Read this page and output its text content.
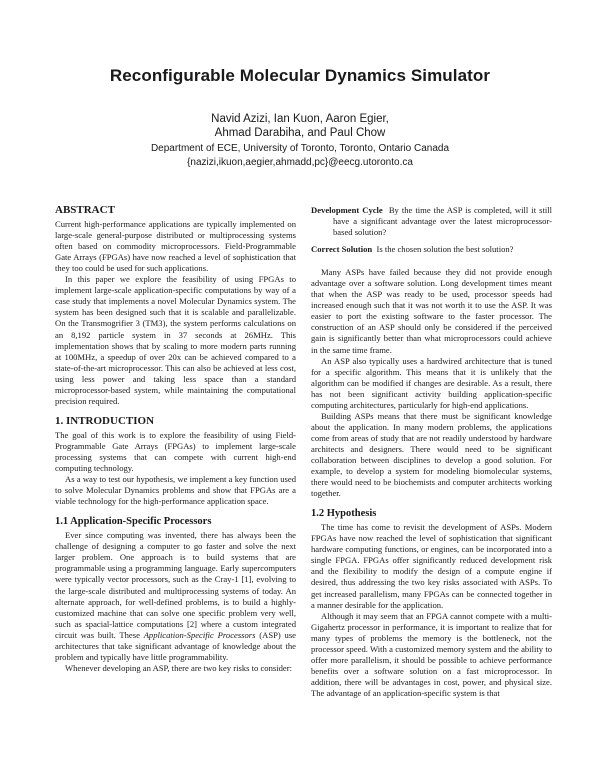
Reconfigurable Molecular Dynamics Simulator
Navid Azizi, Ian Kuon, Aaron Egier,
Ahmad Darabiha, and Paul Chow
Department of ECE, University of Toronto, Toronto, Ontario Canada
{nazizi,ikuon,aegier,ahmadd,pc}@eecg.utoronto.ca
ABSTRACT

Current high-performance applications are typically implemented on large-scale general-purpose distributed or multiprocessing systems often based on commodity microprocessors. Field-Programmable Gate Arrays (FPGAs) have now reached a level of sophistication that they too could be used for such applications.

In this paper we explore the feasibility of using FPGAs to implement large-scale application-specific computations by way of a case study that implements a novel Molecular Dynamics system. The system has been designed such that it is scalable and parallelizable. On the Transmogrifier 3 (TM3), the system performs calculations on an 8,192 particle system in 37 seconds at 26MHz. This implementation shows that by scaling to more modern parts running at 100MHz, a speedup of over 20x can be achieved compared to a state-of-the-art microprocessor. This can also be achieved at less cost, using less power and taking less space than a standard microprocessor-based system, while maintaining the computational precision required.

1. INTRODUCTION

The goal of this work is to explore the feasibility of using Field-Programmable Gate Arrays (FPGAs) to implement large-scale processing systems that can compete with current high-end computing technology.

As a way to test our hypothesis, we implement a key function used to solve Molecular Dynamics problems and show that FPGAs are a viable technology for the high-performance application space.

1.1 Application-Specific Processors

Ever since computing was invented, there has always been the challenge of designing a computer to go faster and solve the next larger problem. One approach is to build systems that are programmable using a programming language. Early supercomputers were typically vector processors, such as the Cray-1 [1], evolving to the large-scale distributed and multiprocessing systems of today. An alternate approach, for well-defined problems, is to build a highly-customized machine that can solve one specific problem very well, such as spacial-lattice computations [2] where a custom integrated circuit was built. These Application-Specific Processors (ASP) use architectures that take significant advantage of knowledge about the problem and typically have little programmability.

Whenever developing an ASP, there are two key risks to consider:

Development Cycle By the time the ASP is completed, will it still have a significant advantage over the latest microprocessor-based solution?

Correct Solution Is the chosen solution the best solution?

Many ASPs have failed because they did not provide enough advantage over a software solution. Long development times meant that when the ASP was ready to be used, processor speeds had increased enough such that it was not worth it to use the ASP. It was easier to port the existing software to the faster processor. The construction of an ASP should only be considered if the perceived gain is significantly better than what microprocessors could achieve in the same time frame.

An ASP also typically uses a hardwired architecture that is tuned for a specific algorithm. This means that it is unlikely that the algorithm can be modified if changes are desirable. As a result, there has not been significant activity building application-specific computing architectures, particularly for high-end applications.

Building ASPs means that there must be significant knowledge about the application. In many modern problems, the applications come from areas of study that are not readily understood by hardware architects and designers. There would need to be significant collaboration between disciplines to develop a good solution. For example, to develop a system for modeling biomolecular systems, there would need to be biochemists and computer architects working together.

1.2 Hypothesis

The time has come to revisit the development of ASPs. Modern FPGAs have now reached the level of sophistication that significant hardware computing functions, or engines, can be incorporated into a single FPGA. FPGAs offer significantly reduced development risk and the flexibility to modify the design of a compute engine if desired, thus addressing the two key risks associated with ASPs. To get increased parallelism, many FPGAs can be connected together in a manner desirable for the application.

Although it may seem that an FPGA cannot compete with a multi-Gigahertz processor in performance, it is important to realize that for many types of problems the memory is the bottleneck, not the processor speed. With a customized memory system and the ability to offer more parallelism, it should be possible to achieve performance benefits over a software solution on a fast microprocessor. In addition, there will be advantages in cost, power, and physical size. The advantage of an application-specific system is that
